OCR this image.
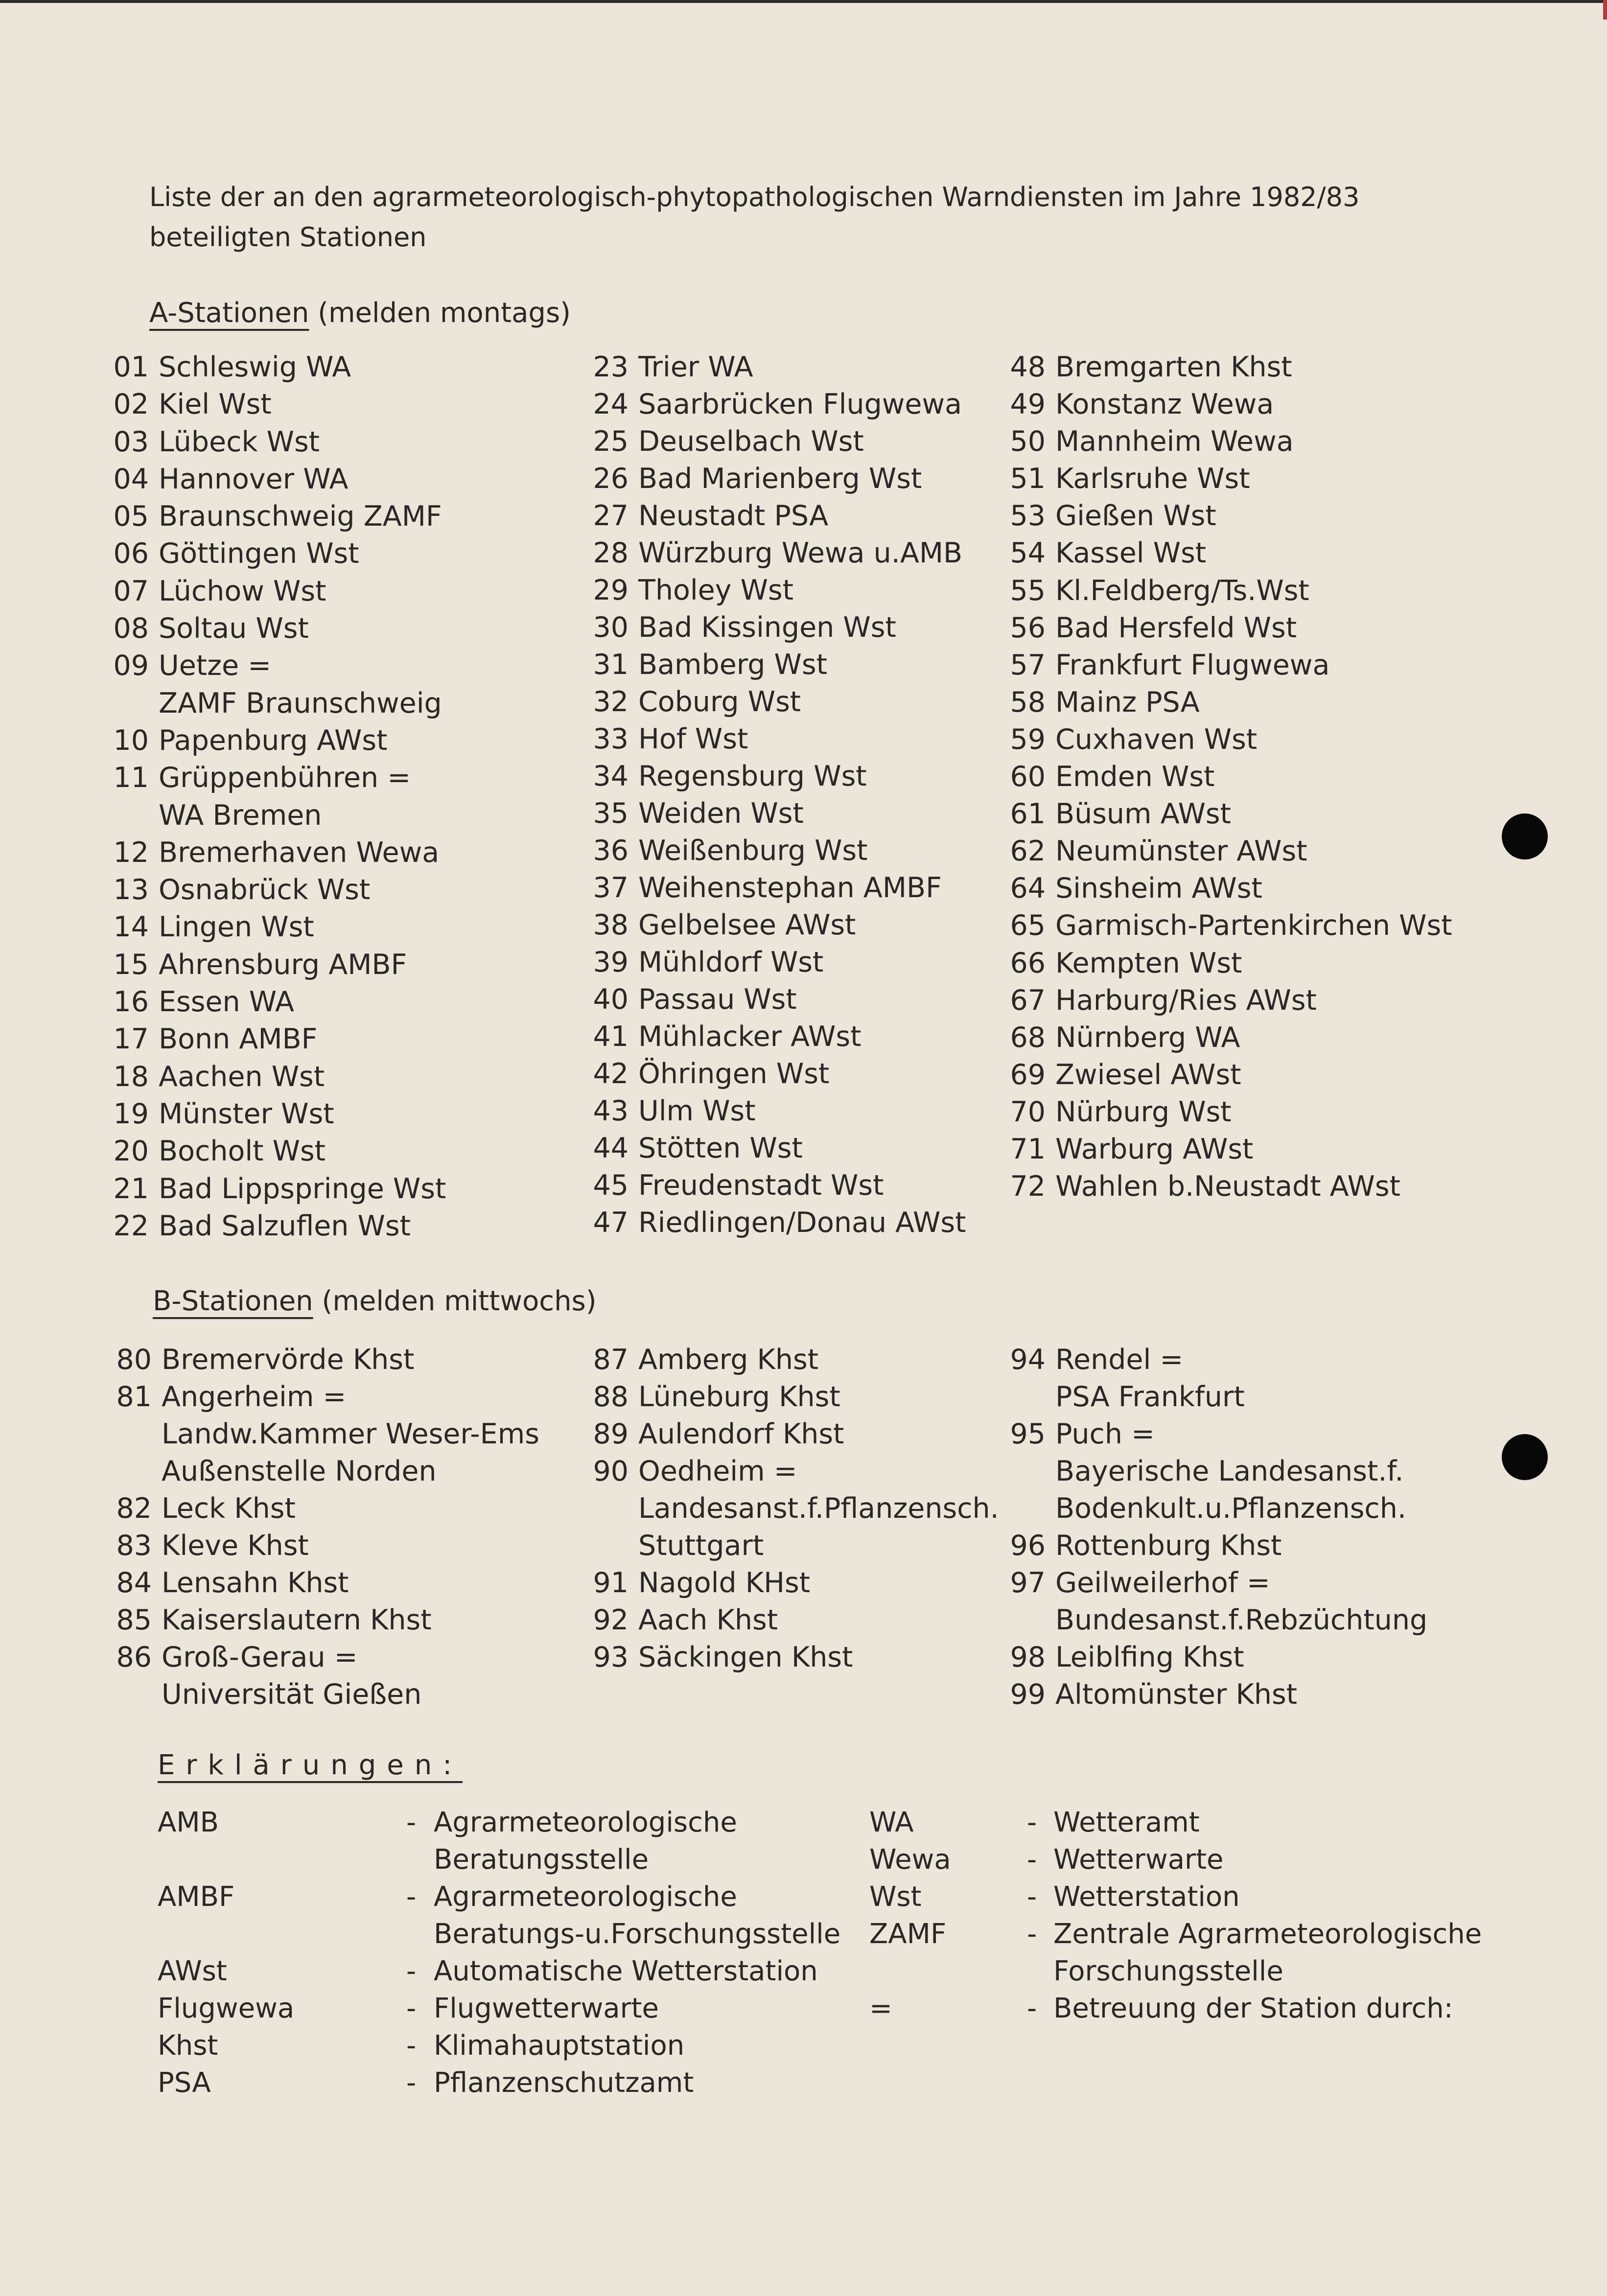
Liste der an den agrarmeteorologisch-phytopathologischen Warndiensten im Jahre 1982/83 beteiligten Stationen
A-Stationen (melden montags)
01 Schleswig WA
02 Kiel Wst
03 Lübeck Wst
04 Hannover WA
05 Braunschweig ZAMF
06 Göttingen Wst
07 Lüchow Wst
08 Soltau Wst
09 Uetze =
ZAMF Braunschweig
10 Papenburg AWst
11 Grüppenbühren =
WA Bremen
12 Bremerhaven Wewa
13 Osnabrück Wst
14 Lingen Wst
15 Ahrensburg AMBF
16 Essen WA
17 Bonn AMBF
18 Aachen Wst
19 Münster Wst
20 Bocholt Wst
21 Bad Lippspringe Wst
22 Bad Salzuflen Wst
23 Trier WA
24 Saarbrücken Flugwewa
25 Deuselbach Wst
26 Bad Marienberg Wst
27 Neustadt PSA
28 Würzburg Wewa u.AMB
29 Tholey Wst
30 Bad Kissingen Wst
31 Bamberg Wst
32 Coburg Wst
33 Hof Wst
34 Regensburg Wst
35 Weiden Wst
36 Weißenburg Wst
37 Weihenstephan AMBF
38 Gelbelsee AWst
39 Mühldorf Wst
40 Passau Wst
41 Mühlacker AWst
42 Öhringen Wst
43 Ulm Wst
44 Stötten Wst
45 Freudenstadt Wst
47 Riedlingen/Donau AWst
48 Bremgarten Khst
49 Konstanz Wewa
50 Mannheim Wewa
51 Karlsruhe Wst
53 Gießen Wst
54 Kassel Wst
55 Kl.Feldberg/Ts.Wst
56 Bad Hersfeld Wst
57 Frankfurt Flugwewa
58 Mainz PSA
59 Cuxhaven Wst
60 Emden Wst
61 Büsum AWst
62 Neumünster AWst
64 Sinsheim AWst
65 Garmisch-Partenkirchen Wst
66 Kempten Wst
67 Harburg/Ries AWst
68 Nürnberg WA
69 Zwiesel AWst
70 Nürburg Wst
71 Warburg AWst
72 Wahlen b.Neustadt AWst
B-Stationen (melden mittwochs)
80 Bremervörde Khst
81 Angerheim =
Landw.Kammer Weser-Ems
Außenstelle Norden
82 Leck Khst
83 Kleve Khst
84 Lensahn Khst
85 Kaiserslautern Khst
86 Groß-Gerau =
Universität Gießen
87 Amberg Khst
88 Lüneburg Khst
89 Aulendorf Khst
90 Oedheim =
Landesanst.f.Pflanzensch.
Stuttgart
91 Nagold KHst
92 Aach Khst
93 Säckingen Khst
94 Rendel =
PSA Frankfurt
95 Puch =
Bayerische Landesanst.f.
Bodenkult.u.Pflanzensch.
96 Rottenburg Khst
97 Geilweilerhof =
Bundesanst.f.Rebzüchtung
98 Leiblfing Khst
99 Altomünster Khst
Erklärungen:
AMB	- Agrarmeteorologische
Beratungsstelle
AMBF	- Agrarmeteorologische
Beratungs-u.Forschungsstelle
AWst	- Automatische Wetterstation
Flugwewa	- Flugwetterwarte
Khst	- Klimahauptstation
PSA	- Pflanzenschutzamt
WA	- Wetteramt
Wewa	- Wetterwarte
Wst	- Wetterstation
ZAMF	- Zentrale Agrarmeteorologische
Forschungsstelle
=	- Betreuung der Station durch:
